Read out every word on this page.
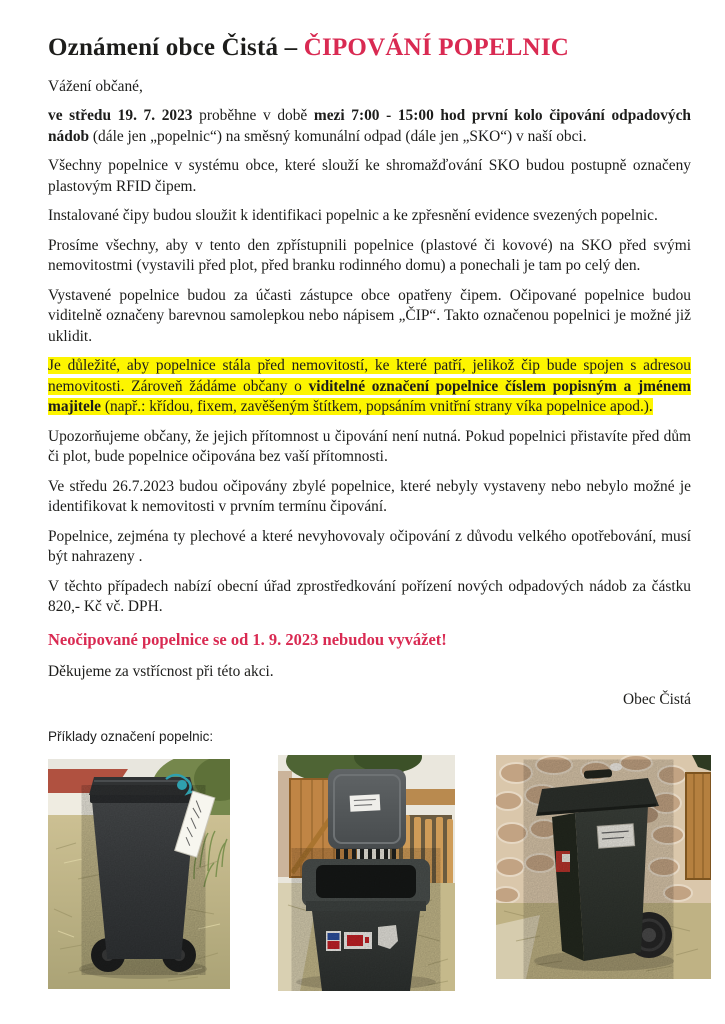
Oznámení obce Čistá – ČIPOVÁNÍ POPELNIC

Vážení občané,

ve středu 19. 7. 2023 proběhne v době mezi 7:00 - 15:00 hod první kolo čipování odpadových nádob (dále jen „popelnic“) na směsný komunální odpad (dále jen „SKO“) v naší obci.

Všechny popelnice v systému obce, které slouží ke shromažďování SKO budou postupně označeny plastovým RFID čipem.

Instalované čipy budou sloužit k identifikaci popelnic a ke zpřesnění evidence svezených popelnic.

Prosíme všechny, aby v tento den zpřístupnili popelnice (plastové či kovové) na SKO před svými nemovitostmi (vystavili před plot, před branku rodinného domu) a ponechali je tam po celý den.

Vystavené popelnice budou za účasti zástupce obce opatřeny čipem. Očipované popelnice budou viditelně označeny barevnou samolepkou nebo nápisem „ČIP“. Takto označenou popelnici je možné již uklidit.

Je důležité, aby popelnice stála před nemovitostí, ke které patří, jelikož čip bude spojen s adresou nemovitosti. Zároveň žádáme občany o viditelné označení popelnice číslem popisným a jménem majitele (např.: křídou, fixem, zavěšeným štítkem, popsáním vnitřní strany víka popelnice apod.).

Upozorňujeme občany, že jejich přítomnost u čipování není nutná. Pokud popelnici přistavíte před dům či plot, bude popelnice očipována bez vaší přítomnosti.

Ve středu 26.7.2023 budou očipovány zbylé popelnice, které nebyly vystaveny nebo nebylo možné je identifikovat k nemovitosti v prvním termínu čipování.

Popelnice, zejména ty plechové a které nevyhovovaly očipování z důvodu velkého opotřebování, musí být nahrazeny .

V těchto případech nabízí obecní úřad zprostředkování pořízení nových odpadových nádob za částku 820,- Kč vč. DPH.

Neočipované popelnice se od 1. 9. 2023 nebudou vyvážet!

Děkujeme za vstřícnost při této akci.

Obec Čistá
Příklady označení popelnic:
